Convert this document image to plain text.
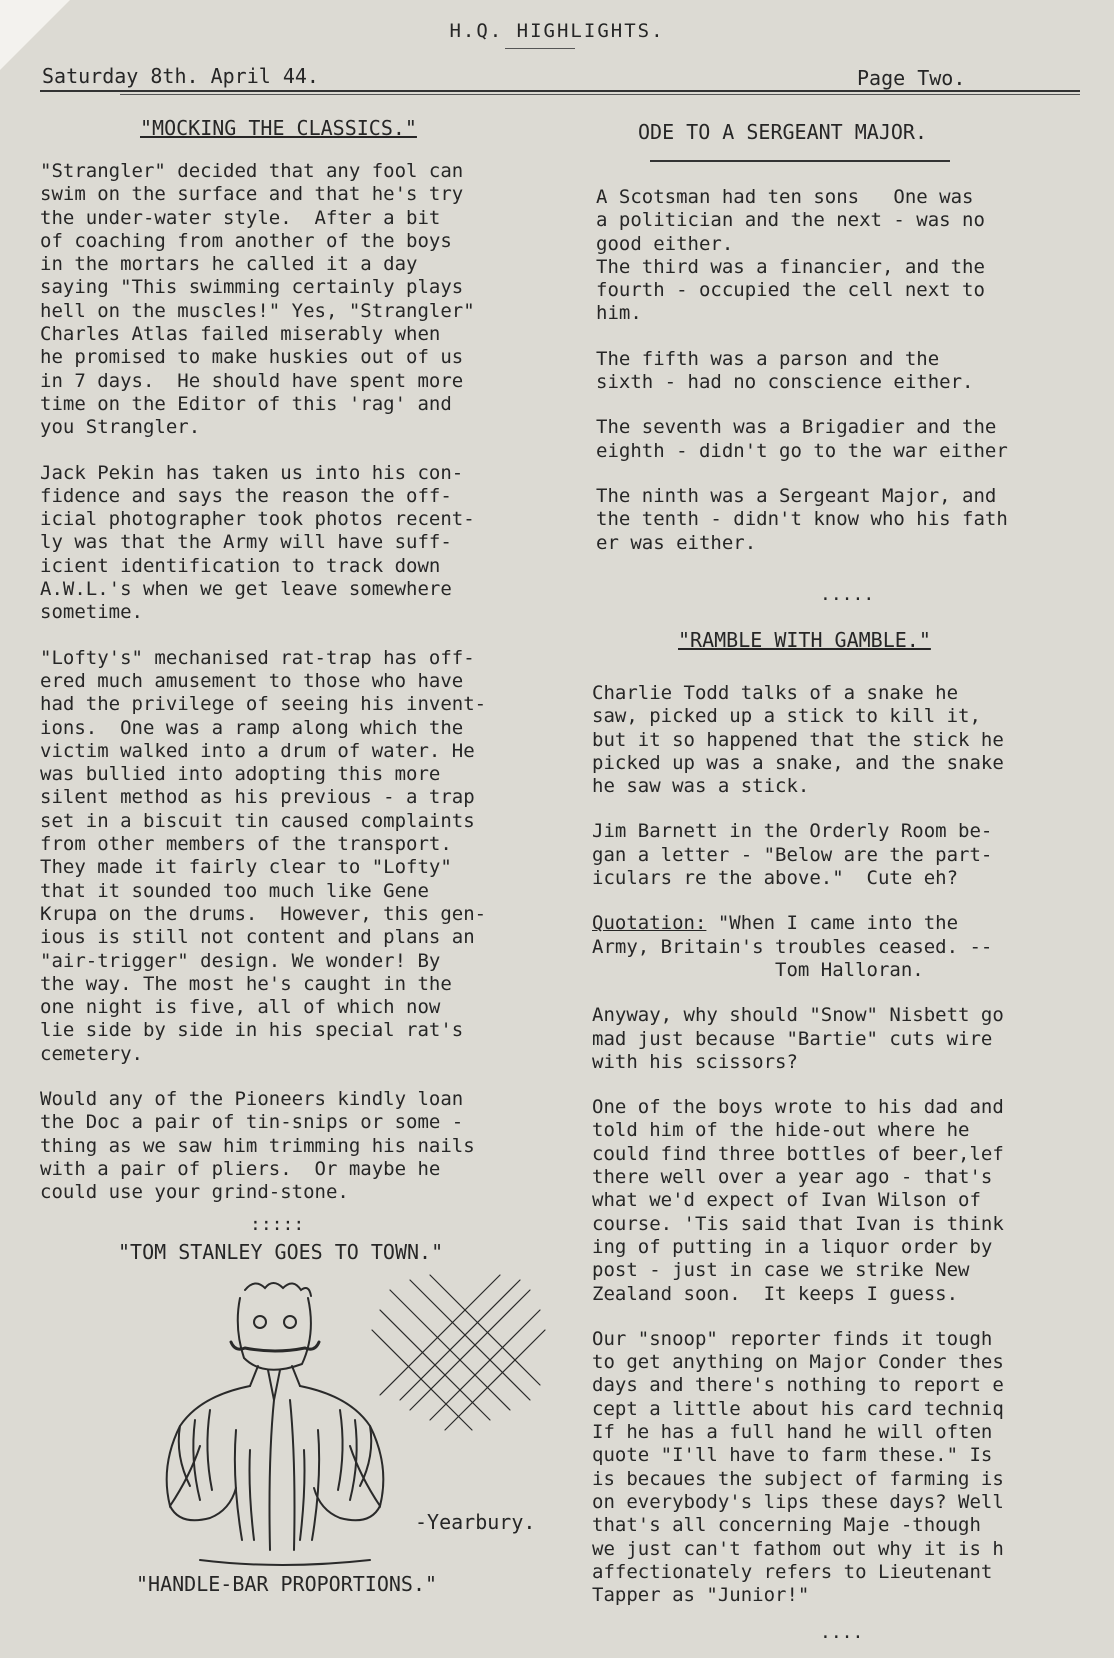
H.Q. HIGHLIGHTS.
Saturday 8th. April 44.	Page Two.
"MOCKING THE CLASSICS."

"Strangler" decided that any fool can

swim on the surface and that he's try

the under-water style.  After a bit

of coaching from another of the boys

in the mortars he called it a day

saying "This swimming certainly plays

hell on the muscles!" Yes, "Strangler"

Charles Atlas failed miserably when

he promised to make huskies out of us

in 7 days.  He should have spent more

time on the Editor of this 'rag' and

you Strangler.

Jack Pekin has taken us into his con-

fidence and says the reason the off-

icial photographer took photos recent-

ly was that the Army will have suff-

icient identification to track down

A.W.L.'s when we get leave somewhere

sometime.

"Lofty's" mechanised rat-trap has off-

ered much amusement to those who have

had the privilege of seeing his invent-

ions.  One was a ramp along which the

victim walked into a drum of water. He

was bullied into adopting this more

silent method as his previous - a trap

set in a biscuit tin caused complaints

from other members of the transport.

They made it fairly clear to "Lofty"

that it sounded too much like Gene

Krupa on the drums.  However, this gen-

ious is still not content and plans an

"air-trigger" design. We wonder! By

the way. The most he's caught in the

one night is five, all of which now

lie side by side in his special rat's

cemetery.

Would any of the Pioneers kindly loan

the Doc a pair of tin-snips or some -

thing as we saw him trimming his nails

with a pair of pliers.  Or maybe he

could use your grind-stone.

:::::
"TOM STANLEY GOES TO TOWN."
-Yearbury.
"HANDLE-BAR PROPORTIONS."
ODE TO A SERGEANT MAJOR.

A Scotsman had ten sons   One was

a politician and the next - was no

good either.

The third was a financier, and the

fourth - occupied the cell next to

him.

The fifth was a parson and the

sixth - had no conscience either.

The seventh was a Brigadier and the

eighth - didn't go to the war either

The ninth was a Sergeant Major, and

the tenth - didn't know who his fath

er was either.

.....
"RAMBLE WITH GAMBLE."

Charlie Todd talks of a snake he

saw, picked up a stick to kill it,

but it so happened that the stick he

picked up was a snake, and the snake

he saw was a stick.

Jim Barnett in the Orderly Room be-

gan a letter - "Below are the part-

iculars re the above."  Cute eh?

Quotation: "When I came into the

Army, Britain's troubles ceased. --

Tom Halloran.

Anyway, why should "Snow" Nisbett go

mad just because "Bartie" cuts wire

with his scissors?

One of the boys wrote to his dad and

told him of the hide-out where he

could find three bottles of beer,lef

there well over a year ago - that's

what we'd expect of Ivan Wilson of

course. 'Tis said that Ivan is think

ing of putting in a liquor order by

post - just in case we strike New

Zealand soon.  It keeps I guess.

Our "snoop" reporter finds it tough

to get anything on Major Conder thes

days and there's nothing to report e

cept a little about his card techniq

If he has a full hand he will often

quote "I'll have to farm these." Is

is becaues the subject of farming is

on everybody's lips these days? Well

that's all concerning Maje -though

we just can't fathom out why it is h

affectionately refers to Lieutenant

Tapper as "Junior!"

....
